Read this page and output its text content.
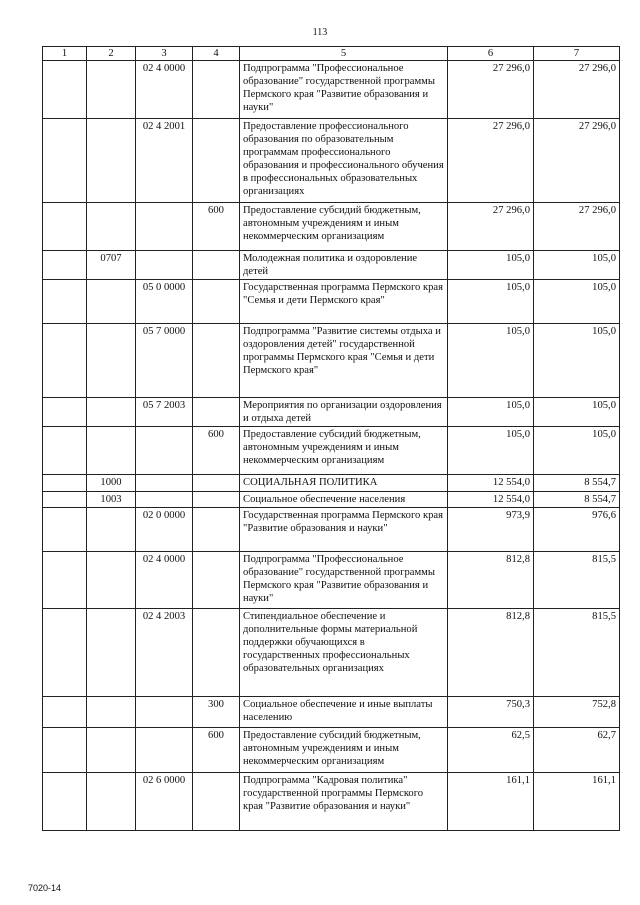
113
1	2	3	4	5	6	7
		02 4 0000		Подпрограмма "Профессиональное образование" государственной программы Пермского края "Развитие образования и науки"	27 296,0	27 296,0
		02 4 2001		Предоставление профессионального образования по образовательным программам профессионального образования и профессионального обучения в профессиональных образовательных организациях	27 296,0	27 296,0
			600	Предоставление субсидий бюджетным, автономным учреждениям и иным некоммерческим организациям	27 296,0	27 296,0
	0707			Молодежная политика и оздоровление детей	105,0	105,0
		05 0 0000		Государственная программа Пермского края "Семья и дети Пермского края"	105,0	105,0
		05 7 0000		Подпрограмма "Развитие системы отдыха и оздоровления детей" государственной программы Пермского края "Семья и дети Пермского края"	105,0	105,0
		05 7 2003		Мероприятия по организации оздоровления и отдыха детей	105,0	105,0
			600	Предоставление субсидий бюджетным, автономным учреждениям и иным некоммерческим организациям	105,0	105,0
	1000			СОЦИАЛЬНАЯ ПОЛИТИКА	12 554,0	8 554,7
	1003			Социальное обеспечение населения	12 554,0	8 554,7
		02 0 0000		Государственная программа Пермского края "Развитие образования и науки"	973,9	976,6
		02 4 0000		Подпрограмма "Профессиональное образование" государственной программы Пермского края "Развитие образования и науки"	812,8	815,5
		02 4 2003		Стипендиальное обеспечение и дополнительные формы материальной поддержки обучающихся в государственных профессиональных образовательных организациях	812,8	815,5
			300	Социальное обеспечение и иные выплаты населению	750,3	752,8
			600	Предоставление субсидий бюджетным, автономным учреждениям и иным некоммерческим организациям	62,5	62,7
		02 6 0000		Подпрограмма "Кадровая политика" государственной программы Пермского края "Развитие образования и науки"	161,1	161,1
7020-14
